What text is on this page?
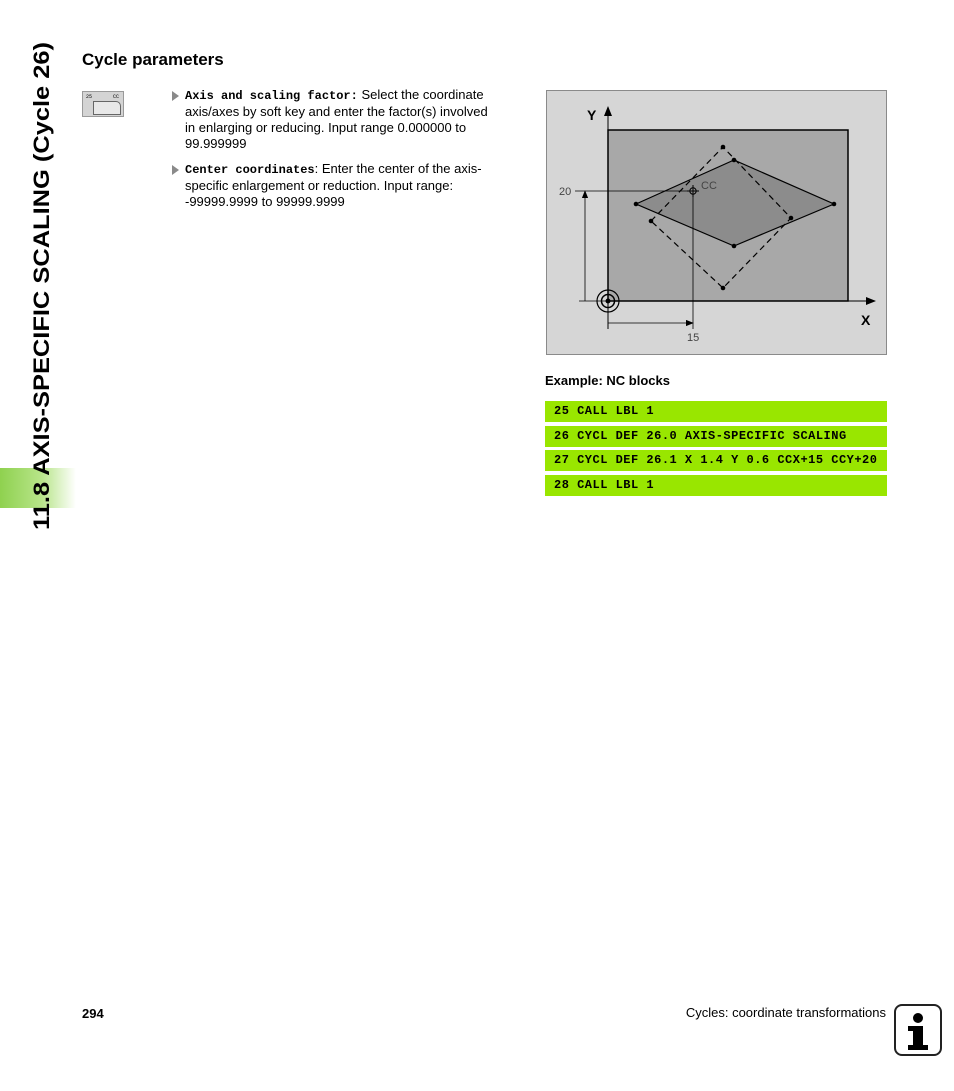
11.8 AXIS-SPECIFIC SCALING (Cycle 26)
Cycle parameters
25	CC	Axis and scaling factor: Select the coordinate
axis/axes by soft key and enter the factor(s) involved
in enlarging or reducing. Input range 0.000000 to
99.999999
Center coordinates: Enter the center of the axis-
specific enlargement or reduction. Input range:
-99999.9999 to 99999.9999
Y
X
CC
20
15
Example: NC blocks
25 CALL LBL 1
26 CYCL DEF 26.0 AXIS-SPECIFIC SCALING
27 CYCL DEF 26.1 X 1.4 Y 0.6 CCX+15 CCY+20
28 CALL LBL 1
294	Cycles: coordinate transformations
